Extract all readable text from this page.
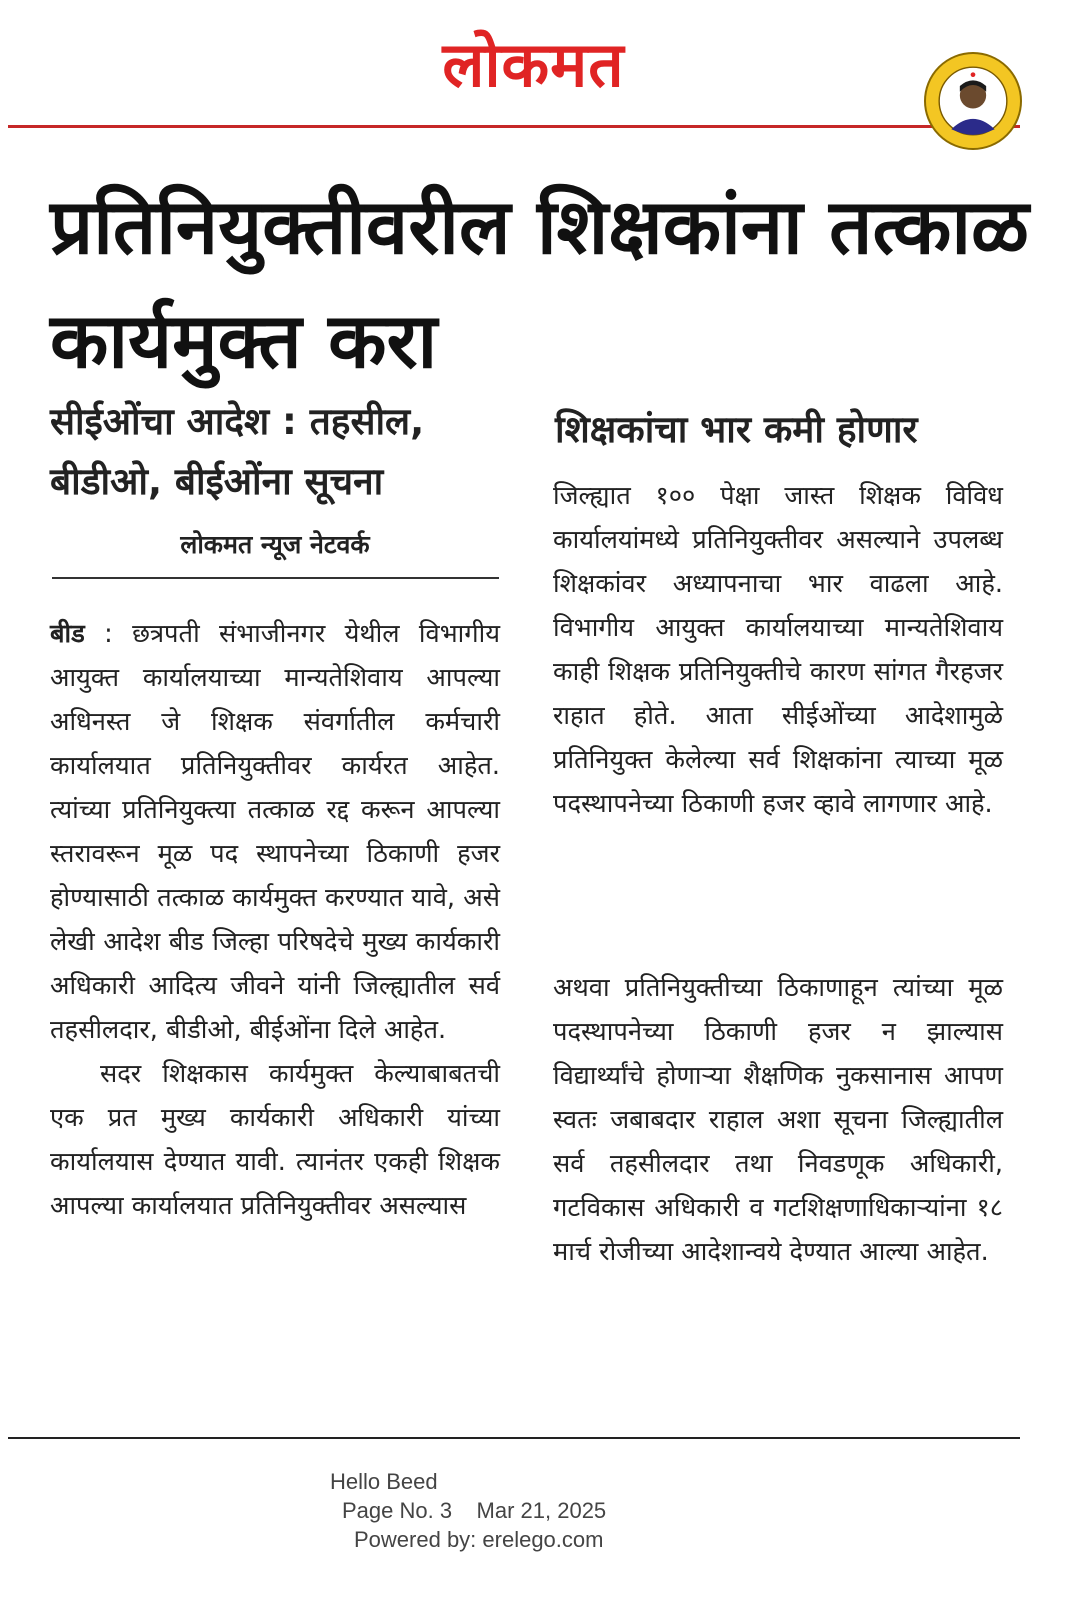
लोकमत
प्रतिनियुक्तीवरील शिक्षकांना तत्काळ कार्यमुक्त करा
सीईओंचा आदेश : तहसील, बीडीओ, बीईओंना सूचना
शिक्षकांचा भार कमी होणार
लोकमत न्यूज नेटवर्क

बीड : छत्रपती संभाजीनगर येथील विभागीय आयुक्त कार्यालयाच्या मान्यतेशिवाय आपल्या अधिनस्त जे शिक्षक संवर्गातील कर्मचारी कार्यालयात प्रतिनियुक्तीवर कार्यरत आहेत. त्यांच्या प्रतिनियुक्त्या तत्काळ रद्द करून आपल्या स्तरावरून मूळ पद स्थापनेच्या ठिकाणी हजर होण्यासाठी तत्काळ कार्यमुक्त करण्यात यावे, असे लेखी आदेश बीड जिल्हा परिषदेचे मुख्य कार्यकारी अधिकारी आदित्य जीवने यांनी जिल्ह्यातील सर्व तहसीलदार, बीडीओ, बीईओंना दिले आहेत.
सदर शिक्षकास कार्यमुक्त केल्याबाबतची एक प्रत मुख्य कार्यकारी अधिकारी यांच्या कार्यालयास देण्यात यावी. त्यानंतर एकही शिक्षक आपल्या कार्यालयात प्रतिनियुक्तीवर असल्यास

जिल्ह्यात १०० पेक्षा जास्त शिक्षक विविध कार्यालयांमध्ये प्रतिनियुक्तीवर असल्याने उपलब्ध शिक्षकांवर अध्यापनाचा भार वाढला आहे. विभागीय आयुक्त कार्यालयाच्या मान्यतेशिवाय काही शिक्षक प्रतिनियुक्तीचे कारण सांगत गैरहजर राहात होते. आता सीईओंच्या आदेशामुळे प्रतिनियुक्त केलेल्या सर्व शिक्षकांना त्याच्या मूळ पदस्थापनेच्या ठिकाणी हजर व्हावे लागणार आहे.

अथवा प्रतिनियुक्तीच्या ठिकाणाहून त्यांच्या मूळ पदस्थापनेच्या ठिकाणी हजर न झाल्यास विद्यार्थ्यांचे होणाऱ्या शैक्षणिक नुकसानास आपण स्वतः जबाबदार राहाल अशा सूचना जिल्ह्यातील सर्व तहसीलदार तथा निवडणूक अधिकारी, गटविकास अधिकारी व गटशिक्षणाधिकाऱ्यांना १८ मार्च रोजीच्या आदेशान्वये देण्यात आल्या आहेत.

Hello Beed
Page No. 3 Mar 21, 2025
Powered by: erelego.com
